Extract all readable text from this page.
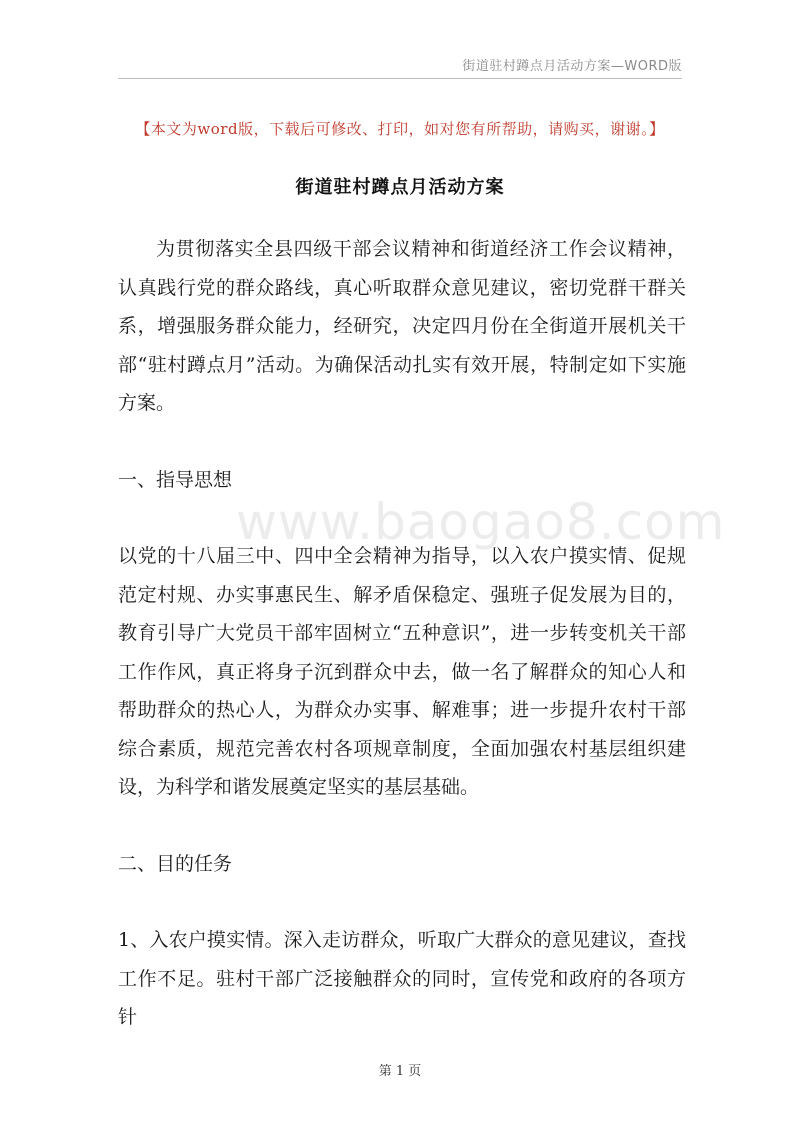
街道驻村蹲点月活动方案—WORD版
【本文为word版，下载后可修改、打印，如对您有所帮助，请购买，谢谢。】
街道驻村蹲点月活动方案

为贯彻落实全县四级干部会议精神和街道经济工作会议精神，认真践行党的群众路线，真心听取群众意见建议，密切党群干群关系，增强服务群众能力，经研究，决定四月份在全街道开展机关干部“驻村蹲点月”活动。为确保活动扎实有效开展，特制定如下实施方案。

一、指导思想

以党的十八届三中、四中全会精神为指导，以入农户摸实情、促规范定村规、办实事惠民生、解矛盾保稳定、强班子促发展为目的，教育引导广大党员干部牢固树立“五种意识”，进一步转变机关干部工作作风，真正将身子沉到群众中去，做一名了解群众的知心人和帮助群众的热心人，为群众办实事、解难事；进一步提升农村干部综合素质，规范完善农村各项规章制度，全面加强农村基层组织建设，为科学和谐发展奠定坚实的基层基础。

二、目的任务

1、入农户摸实情。深入走访群众，听取广大群众的意见建议，查找工作不足。驻村干部广泛接触群众的同时，宣传党和政府的各项方针

www.baogao8.com
第 1 页
